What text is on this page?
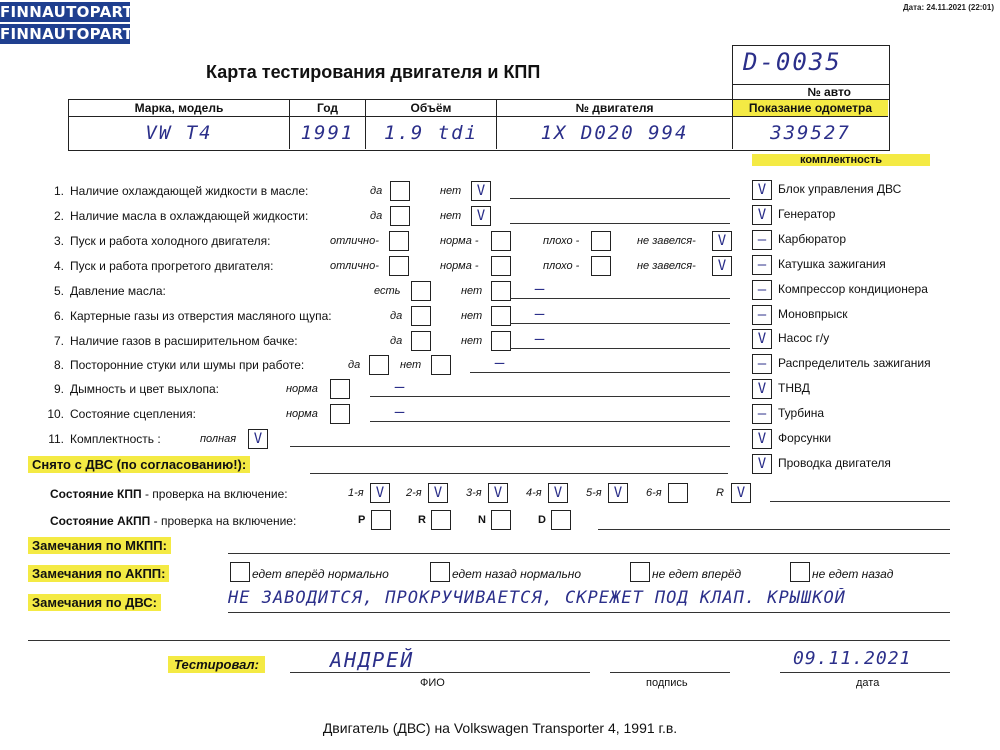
FINNAUTOPARTS
FINNAUTOPARTS
Дата: 24.11.2021 (22:01)
Карта тестирования двигателя и КПП	D-0035
№ авто
Марка, модель	Год	Объём	№ двигателя	Показание одометра
VW T4	1991	1.9 tdi	1X D020 994	339527
комплектность
1. Наличие охлаждающей жидкости в масле:	да	нет	V
2. Наличие масла в охлаждающей жидкости:	да	нет	V
3. Пуск и работа холодного двигателя:	отлично-	норма -	плохо -	не завелся-	V
4. Пуск и работа прогретого двигателя:	отлично-	норма -	плохо -	не завелся-	V
5. Давление масла:	есть	нет	—
6. Картерные газы из отверстия масляного щупа:	да	нет	—
7. Наличие газов в расширительном бачке:	да	нет	—
8. Посторонние стуки или шумы при работе:	да	нет	—
9. Дымность и цвет выхлопа:	норма	—
10. Состояние сцепления:	норма	—
11. Комплектность :	полная	V
V Блок управления ДВС
V Генератор
— Карбюратор
— Катушка зажигания
— Компрессор кондиционера
— Моновпрыск
V Насос г/у
— Распределитель зажигания
V ТНВД
— Турбина
V Форсунки
V Проводка двигателя
Снято с ДВС (по согласованию!):
Состояние КПП - проверка на включение:	1-я V	2-я V	3-я V	4-я V	5-я V	6-я	R V
Состояние АКПП - проверка на включение:	P	R	N	D
Замечания по МКПП:
Замечания по АКПП:	едет вперёд нормально	едет назад нормально	не едет вперёд	не едет назад
Замечания по ДВС:	НЕ ЗАВОДИТСЯ, ПРОКРУЧИВАЕТСЯ, СКРЕЖЕТ ПОД КЛАП. КРЫШКОЙ
Тестировал:	АНДРЕЙ
ФИО	подпись
09.11.2021
дата
Двигатель (ДВС) на Volkswagen Transporter 4, 1991 г.в.
